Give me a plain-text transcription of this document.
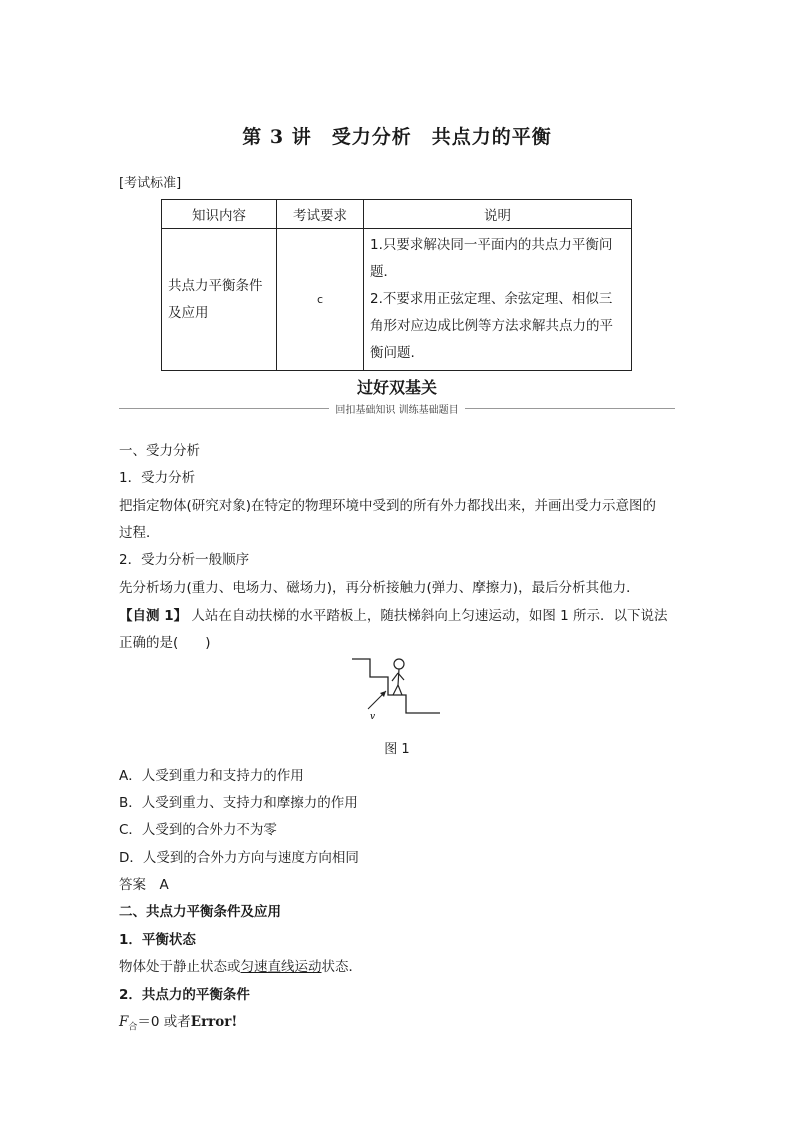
第 3 讲　受力分析　共点力的平衡
[考试标准]
知识内容	考试要求	说明
共点力平衡条件及应用	c	1.只要求解决同一平面内的共点力平衡问题．
2.不要求用正弦定理、余弦定理、相似三角形对应边成比例等方法求解共点力的平衡问题.
过好双基关
回扣基础知识 训练基础题目
一、受力分析
1．受力分析
把指定物体(研究对象)在特定的物理环境中受到的所有外力都找出来，并画出受力示意图的
过程．
2．受力分析一般顺序
先分析场力(重力、电场力、磁场力)，再分析接触力(弹力、摩擦力)，最后分析其他力．
【自测 1】 人站在自动扶梯的水平踏板上，随扶梯斜向上匀速运动，如图 1 所示．以下说法
正确的是(　　)
v
图 1
A．人受到重力和支持力的作用
B．人受到重力、支持力和摩擦力的作用
C．人受到的合外力不为零
D．人受到的合外力方向与速度方向相同
答案　 A
二、共点力平衡条件及应用
1．平衡状态
物体处于静止状态或匀速直线运动状态．
2．共点力的平衡条件
$F_合=0$ 或者Error!
